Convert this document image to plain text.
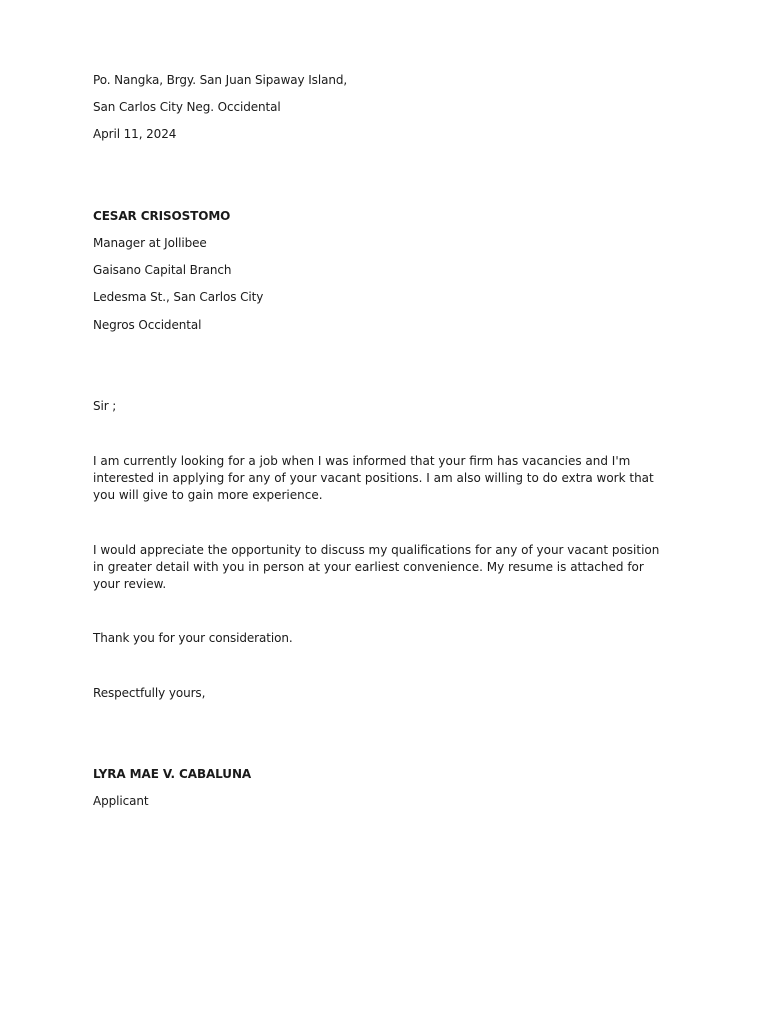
Po. Nangka, Brgy. San Juan Sipaway Island,
San Carlos City Neg. Occidental
April 11, 2024
CESAR CRISOSTOMO
Manager at Jollibee
Gaisano Capital Branch
Ledesma St., San Carlos City
Negros Occidental
Sir ;
I am currently looking for a job when I was informed that your firm has vacancies and I'm
interested in applying for any of your vacant positions. I am also willing to do extra work that
you will give to gain more experience.
I would appreciate the opportunity to discuss my qualifications for any of your vacant position
in greater detail with you in person at your earliest convenience. My resume is attached for
your review.
Thank you for your consideration.
Respectfully yours,
LYRA MAE V. CABALUNA
Applicant
